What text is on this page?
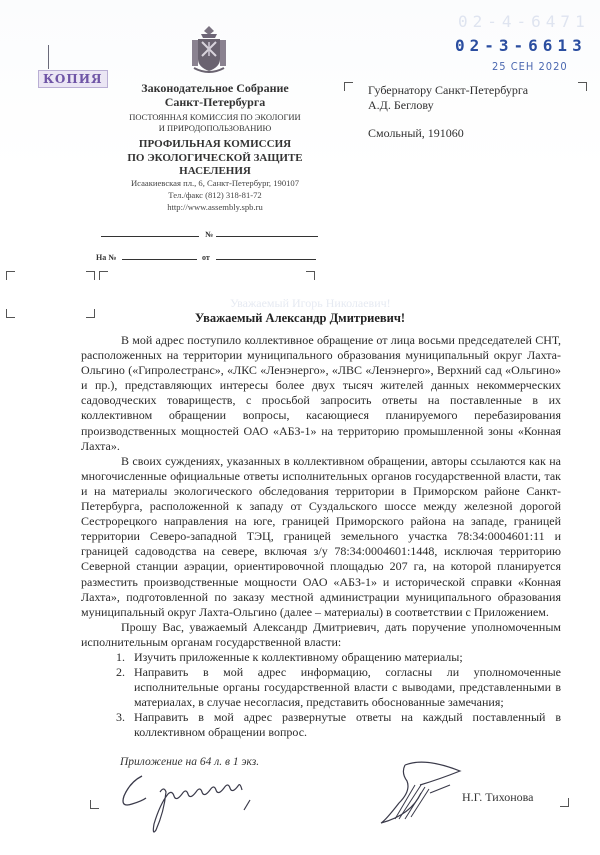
КОПИЯ
Законодательное Собрание
Санкт-Петербурга
ПОСТОЯННАЯ КОМИССИЯ ПО ЭКОЛОГИИ
И ПРИРОДОПОЛЬЗОВАНИЮ
ПРОФИЛЬНАЯ КОМИССИЯ
ПО ЭКОЛОГИЧЕСКОЙ ЗАЩИТЕ
НАСЕЛЕНИЯ
Исаакиевская пл., 6, Санкт-Петербург, 190107
Тел./факс (812) 318-81-72
http://www.assembly.spb.ru
02-4-6471
02-3-6613
25 СЕН 2020
Губернатору Санкт-Петербурга
А.Д. Беглову
Смольный, 191060
№
На №	от
Уважаемый Игорь Николаевич!
Уважаемый Александр Дмитриевич!

В мой адрес поступило коллективное обращение от лица восьми председателей СНТ, расположенных на территории муниципального образования муниципальный округ Лахта-Ольгино («Гипролестранс», «ЛКС «Ленэнерго», «ЛВС «Ленэнерго», Верхний сад «Ольгино» и пр.), представляющих интересы более двух тысяч жителей данных некоммерческих садоводческих товариществ, с просьбой запросить ответы на поставленные в их коллективном обращении вопросы, касающиеся планируемого перебазирования производственных мощностей ОАО «АБЗ-1» на территорию промышленной зоны «Конная Лахта».

В своих суждениях, указанных в коллективном обращении, авторы ссылаются как на многочисленные официальные ответы исполнительных органов государственной власти, так и на материалы экологического обследования территории в Приморском районе Санкт-Петербурга, расположенной к западу от Суздальского шоссе между железной дорогой Сестрорецкого направления на юге, границей Приморского района на западе, границей территории Северо-западной ТЭЦ, границей земельного участка 78:34:0004601:11 и границей садоводства на севере, включая з/у 78:34:0004601:1448, исключая территорию Северной станции аэрации, ориентировочной площадью 207 га, на которой планируется разместить производственные мощности ОАО «АБЗ-1» и исторической справки «Конная Лахта», подготовленной по заказу местной администрации муниципального образования муниципальный округ Лахта-Ольгино (далее – материалы) в соответствии с Приложением.

Прошу Вас, уважаемый Александр Дмитриевич, дать поручение уполномоченным исполнительным органам государственной власти:

1. Изучить приложенные к коллективному обращению материалы;
2. Направить в мой адрес информацию, согласны ли уполномоченные исполнительные органы государственной власти с выводами, представленными в материалах, в случае несогласия, представить обоснованные замечания;
3. Направить в мой адрес развернутые ответы на каждый поставленный в коллективном обращении вопрос.
Приложение на 64 л. в 1 экз.
Н.Г. Тихонова
